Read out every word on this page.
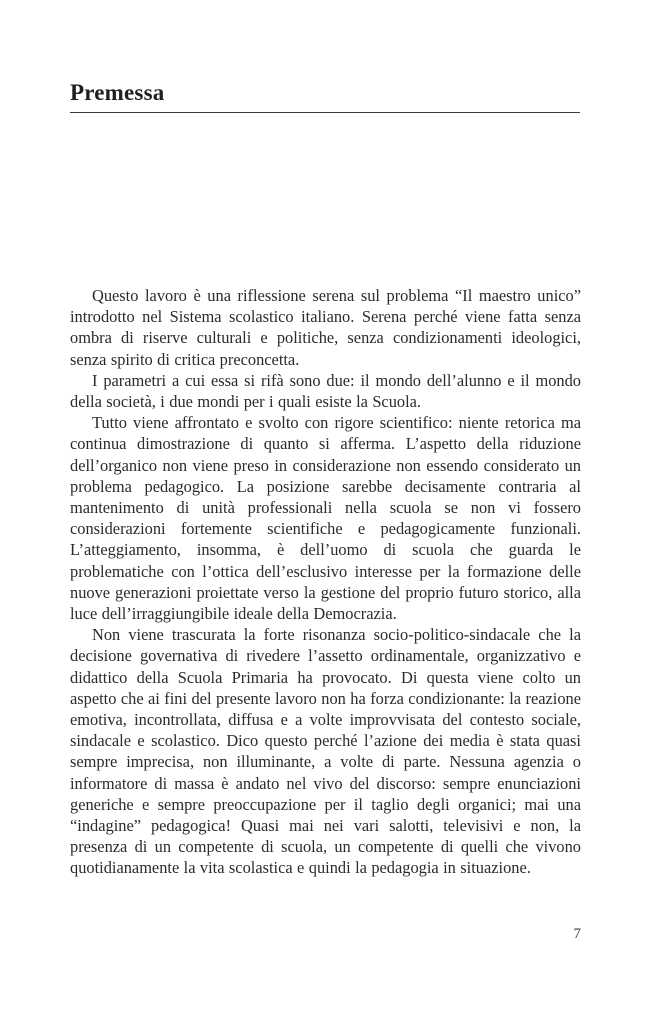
Premessa

Questo lavoro è una riflessione serena sul problema “Il maestro unico” introdotto nel Sistema scolastico italiano. Serena perché viene fatta senza ombra di riserve culturali e politiche, senza condizionamenti ideologici, senza spirito di critica preconcetta.

I parametri a cui essa si rifà sono due: il mondo dell’alunno e il mondo della società, i due mondi per i quali esiste la Scuola.

Tutto viene affrontato e svolto con rigore scientifico: niente retorica ma continua dimostrazione di quanto si afferma. L’aspetto della riduzione dell’organico non viene preso in considerazione non essendo considerato un problema pedagogico. La posizione sarebbe decisamente contraria al mantenimento di unità professionali nella scuola se non vi fossero considerazioni fortemente scientifiche e pedagogicamente funzionali. L’atteggiamento, insomma, è dell’uomo di scuola che guarda le problematiche con l’ottica dell’esclusivo interesse per la formazione delle nuove generazioni proiettate verso la gestione del proprio futuro storico, alla luce dell’irraggiungibile ideale della Democrazia.

Non viene trascurata la forte risonanza socio-politico-sindacale che la decisione governativa di rivedere l’assetto ordinamentale, organizzativo e didattico della Scuola Primaria ha provocato. Di questa viene colto un aspetto che ai fini del presente lavoro non ha forza condizionante: la reazione emotiva, incontrollata, diffusa e a volte improvvisata del contesto sociale, sindacale e scolastico. Dico questo perché l’azione dei media è stata quasi sempre imprecisa, non illuminante, a volte di parte. Nessuna agenzia o informatore di massa è andato nel vivo del discorso: sempre enunciazioni generiche e sempre preoccupazione per il taglio degli organici; mai una “indagine” pedagogica! Quasi mai nei vari salotti, televisivi e non, la presenza di un competente di scuola, un competente di quelli che vivono quotidianamente la vita scolastica e quindi la pedagogia in situazione.

7
